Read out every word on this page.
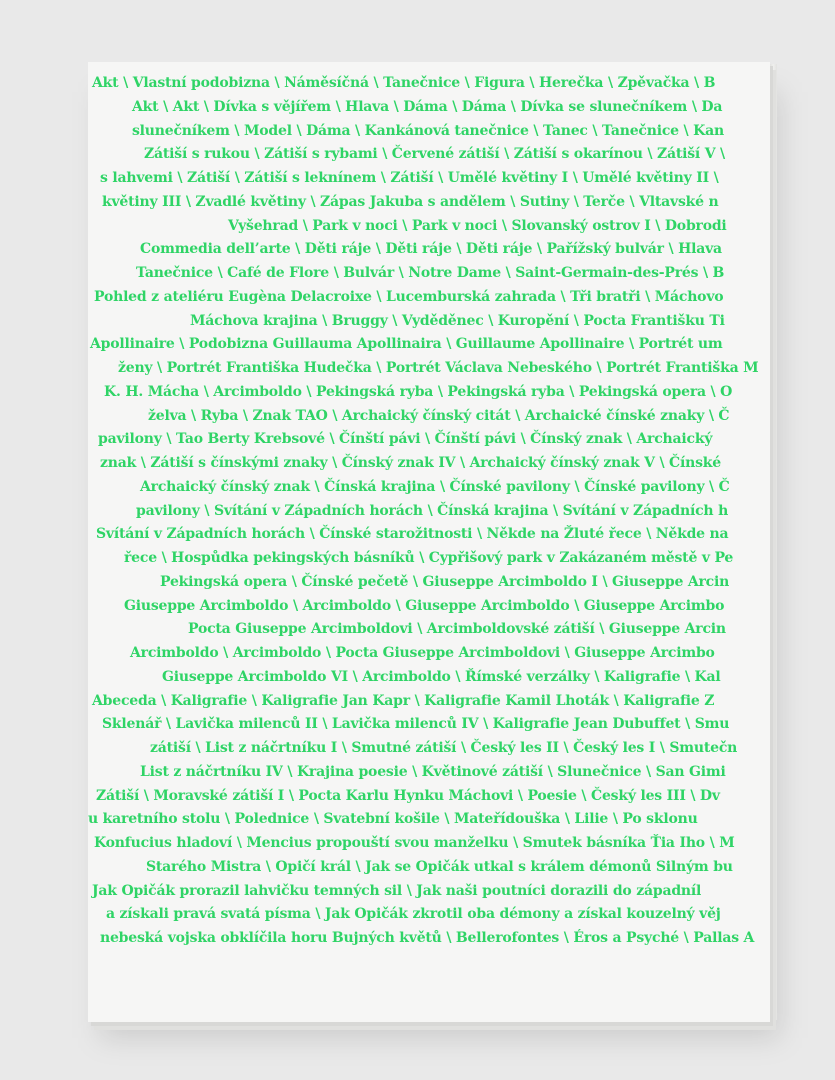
Akt \ Vlastní podobizna \ Náměsíčná \ Tanečnice \ Figura \ Herečka \ Zpěvačka \ B
Akt \ Akt \ Dívka s vějířem \ Hlava \ Dáma \ Dáma \ Dívka se slunečníkem \ Da
slunečníkem \ Model \ Dáma \ Kankánová tanečnice \ Tanec \ Tanečnice \ Kan
Zátiší s rukou \ Zátiší s rybami \ Červené zátiší \ Zátiší s okarínou \ Zátiší V \
s lahvemi \ Zátiší \ Zátiší s leknínem \ Zátiší \ Umělé květiny I \ Umělé květiny II \
květiny III \ Zvadlé květiny \ Zápas Jakuba s andělem \ Sutiny \ Terče \ Vltavské n
Vyšehrad \ Park v noci \ Park v noci \ Slovanský ostrov I \ Dobrodi
Commedia dell’arte \ Děti ráje \ Děti ráje \ Děti ráje \ Pařížský bulvár \ Hlava
Tanečnice \ Café de Flore \ Bulvár \ Notre Dame \ Saint-Germain-des-Prés \ B
Pohled z ateliéru Eugèna Delacroixe \ Lucemburská zahrada \ Tři bratři \ Máchovo
Máchova krajina \ Bruggy \ Vyděděnec \ Kuropění \ Pocta Františku Ti
Apollinaire \ Podobizna Guillauma Apollinaira \ Guillaume Apollinaire \ Portrét um
ženy \ Portrét Františka Hudečka \ Portrét Václava Nebeského \ Portrét Františka M
K. H. Mácha \ Arcimboldo \ Pekingská ryba \ Pekingská ryba \ Pekingská opera \ O
želva \ Ryba \ Znak TAO \ Archaický čínský citát \ Archaické čínské znaky \ Č
pavilony \ Tao Berty Krebsové \ Čínští pávi \ Čínští pávi \ Čínský znak \ Archaický
znak \ Zátiší s čínskými znaky \ Čínský znak IV \ Archaický čínský znak V \ Čínské
Archaický čínský znak \ Čínská krajina \ Čínské pavilony \ Čínské pavilony \ Č
pavilony \ Svítání v Západních horách \ Čínská krajina \ Svítání v Západních h
Svítání v Západních horách \ Čínské starožitnosti \ Někde na Žluté řece \ Někde na
řece \ Hospůdka pekingských básníků \ Cypřišový park v Zakázaném městě v Pe
Pekingská opera \ Čínské pečetě \ Giuseppe Arcimboldo I \ Giuseppe Arcin
Giuseppe Arcimboldo \ Arcimboldo \ Giuseppe Arcimboldo \ Giuseppe Arcimbo
Pocta Giuseppe Arcimboldovi \ Arcimboldovské zátiší \ Giuseppe Arcin
Arcimboldo \ Arcimboldo \ Pocta Giuseppe Arcimboldovi \ Giuseppe Arcimbo
Giuseppe Arcimboldo VI \ Arcimboldo \ Římské verzálky \ Kaligrafie \ Kal
Abeceda \ Kaligrafie \ Kaligrafie Jan Kapr \ Kaligrafie Kamil Lhoták \ Kaligrafie Z
Sklenář \ Lavička milenců II \ Lavička milenců IV \ Kaligrafie Jean Dubuffet \ Smu
zátiší \ List z náčrtníku I \ Smutné zátiší \ Český les II \ Český les I \ Smutečn
List z náčrtníku IV \ Krajina poesie \ Květinové zátiší \ Slunečnice \ San Gimi
Zátiší \ Moravské zátiší I \ Pocta Karlu Hynku Máchovi \ Poesie \ Český les III \ Dv
u karetního stolu \ Polednice \ Svatební košile \ Mateřídouška \ Lilie \ Po sklonu
Konfucius hladoví \ Mencius propouští svou manželku \ Smutek básníka Ťia Iho \ M
Starého Mistra \ Opičí král \ Jak se Opičák utkal s králem démonů Silným bu
Jak Opičák prorazil lahvičku temných sil \ Jak naši poutníci dorazili do západníl
a získali pravá svatá písma \ Jak Opičák zkrotil oba démony a získal kouzelný věj
nebeská vojska obklíčila horu Bujných květů \ Bellerofontes \ Éros a Psyché \ Pallas A
